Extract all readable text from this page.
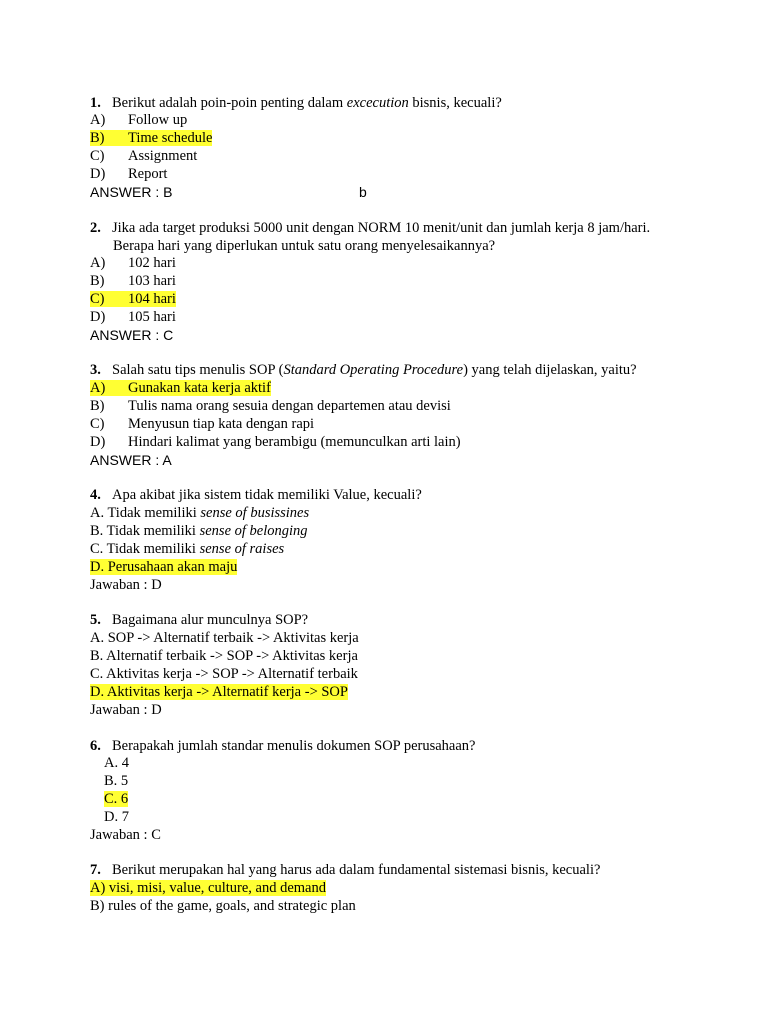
1. Berikut adalah poin-poin penting dalam excecution bisnis, kecuali?
A) Follow up
B) Time schedule
C) Assignment
D) Report
ANSWER : B	b
2. Jika ada target produksi 5000 unit dengan NORM 10 menit/unit dan jumlah kerja 8 jam/hari.
Berapa hari yang diperlukan untuk satu orang menyelesaikannya?
A) 102 hari
B) 103 hari
C) 104 hari
D) 105 hari
ANSWER : C
3. Salah satu tips menulis SOP (Standard Operating Procedure) yang telah dijelaskan, yaitu?
A) Gunakan kata kerja aktif
B) Tulis nama orang sesuia dengan departemen atau devisi
C) Menyusun tiap kata dengan rapi
D) Hindari kalimat yang berambigu (memunculkan arti lain)
ANSWER : A
4. Apa akibat jika sistem tidak memiliki Value, kecuali?
A. Tidak memiliki sense of busissines
B. Tidak memiliki sense of belonging
C. Tidak memiliki sense of raises
D. Perusahaan akan maju
Jawaban : D
5. Bagaimana alur munculnya SOP?
A. SOP -> Alternatif terbaik -> Aktivitas kerja
B. Alternatif terbaik -> SOP -> Aktivitas kerja
C. Aktivitas kerja -> SOP -> Alternatif terbaik
D. Aktivitas kerja -> Alternatif kerja -> SOP
Jawaban : D
6. Berapakah jumlah standar menulis dokumen SOP perusahaan?
A. 4
B. 5
C. 6
D. 7
Jawaban : C
7. Berikut merupakan hal yang harus ada dalam fundamental sistemasi bisnis, kecuali?
A) visi, misi, value, culture, and demand
B) rules of the game, goals, and strategic plan
